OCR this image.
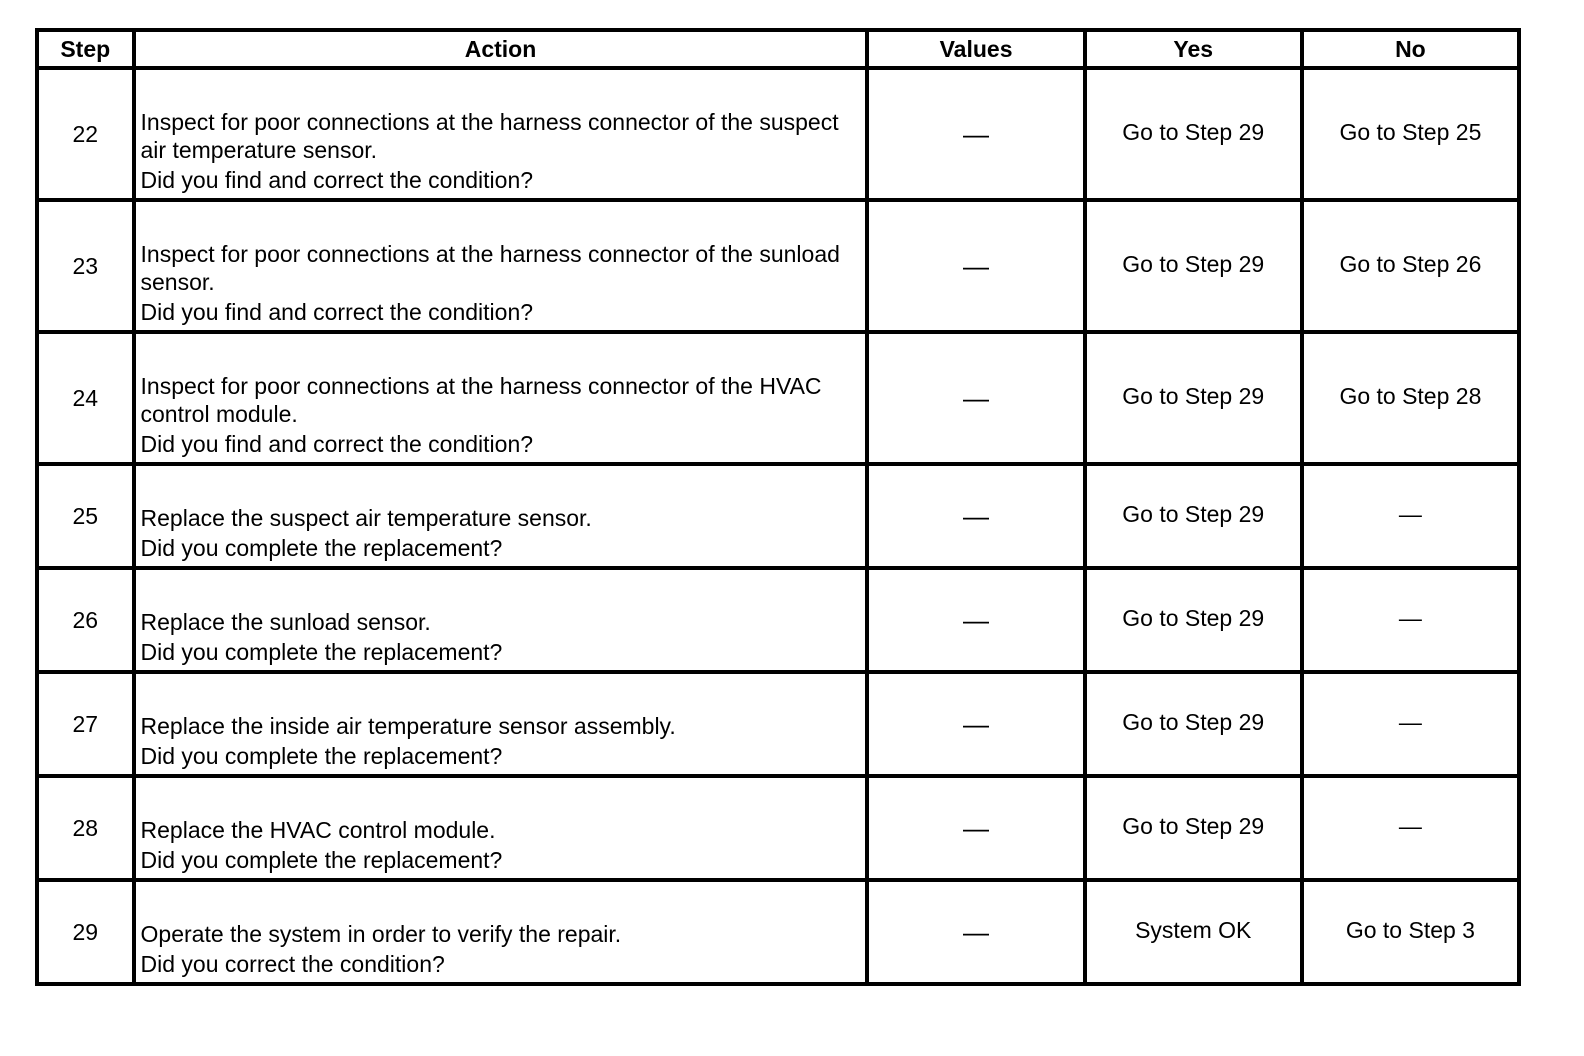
Step	Action	Values	Yes	No
22	Inspect for poor connections at the harness connector of the suspect air temperature sensor.
Did you find and correct the condition?	—	Go to Step 29	Go to Step 25

23	Inspect for poor connections at the harness connector of the sunload sensor.
Did you find and correct the condition?	—	Go to Step 29	Go to Step 26

24	Inspect for poor connections at the harness connector of the HVAC control module.
Did you find and correct the condition?	—	Go to Step 29	Go to Step 28

25	Replace the suspect air temperature sensor.
Did you complete the replacement?	—	Go to Step 29	—

26	Replace the sunload sensor.
Did you complete the replacement?	—	Go to Step 29	—

27	Replace the inside air temperature sensor assembly.
Did you complete the replacement?	—	Go to Step 29	—

28	Replace the HVAC control module.
Did you complete the replacement?	—	Go to Step 29	—

29	Operate the system in order to verify the repair.
Did you correct the condition?	—	System OK	Go to Step 3
